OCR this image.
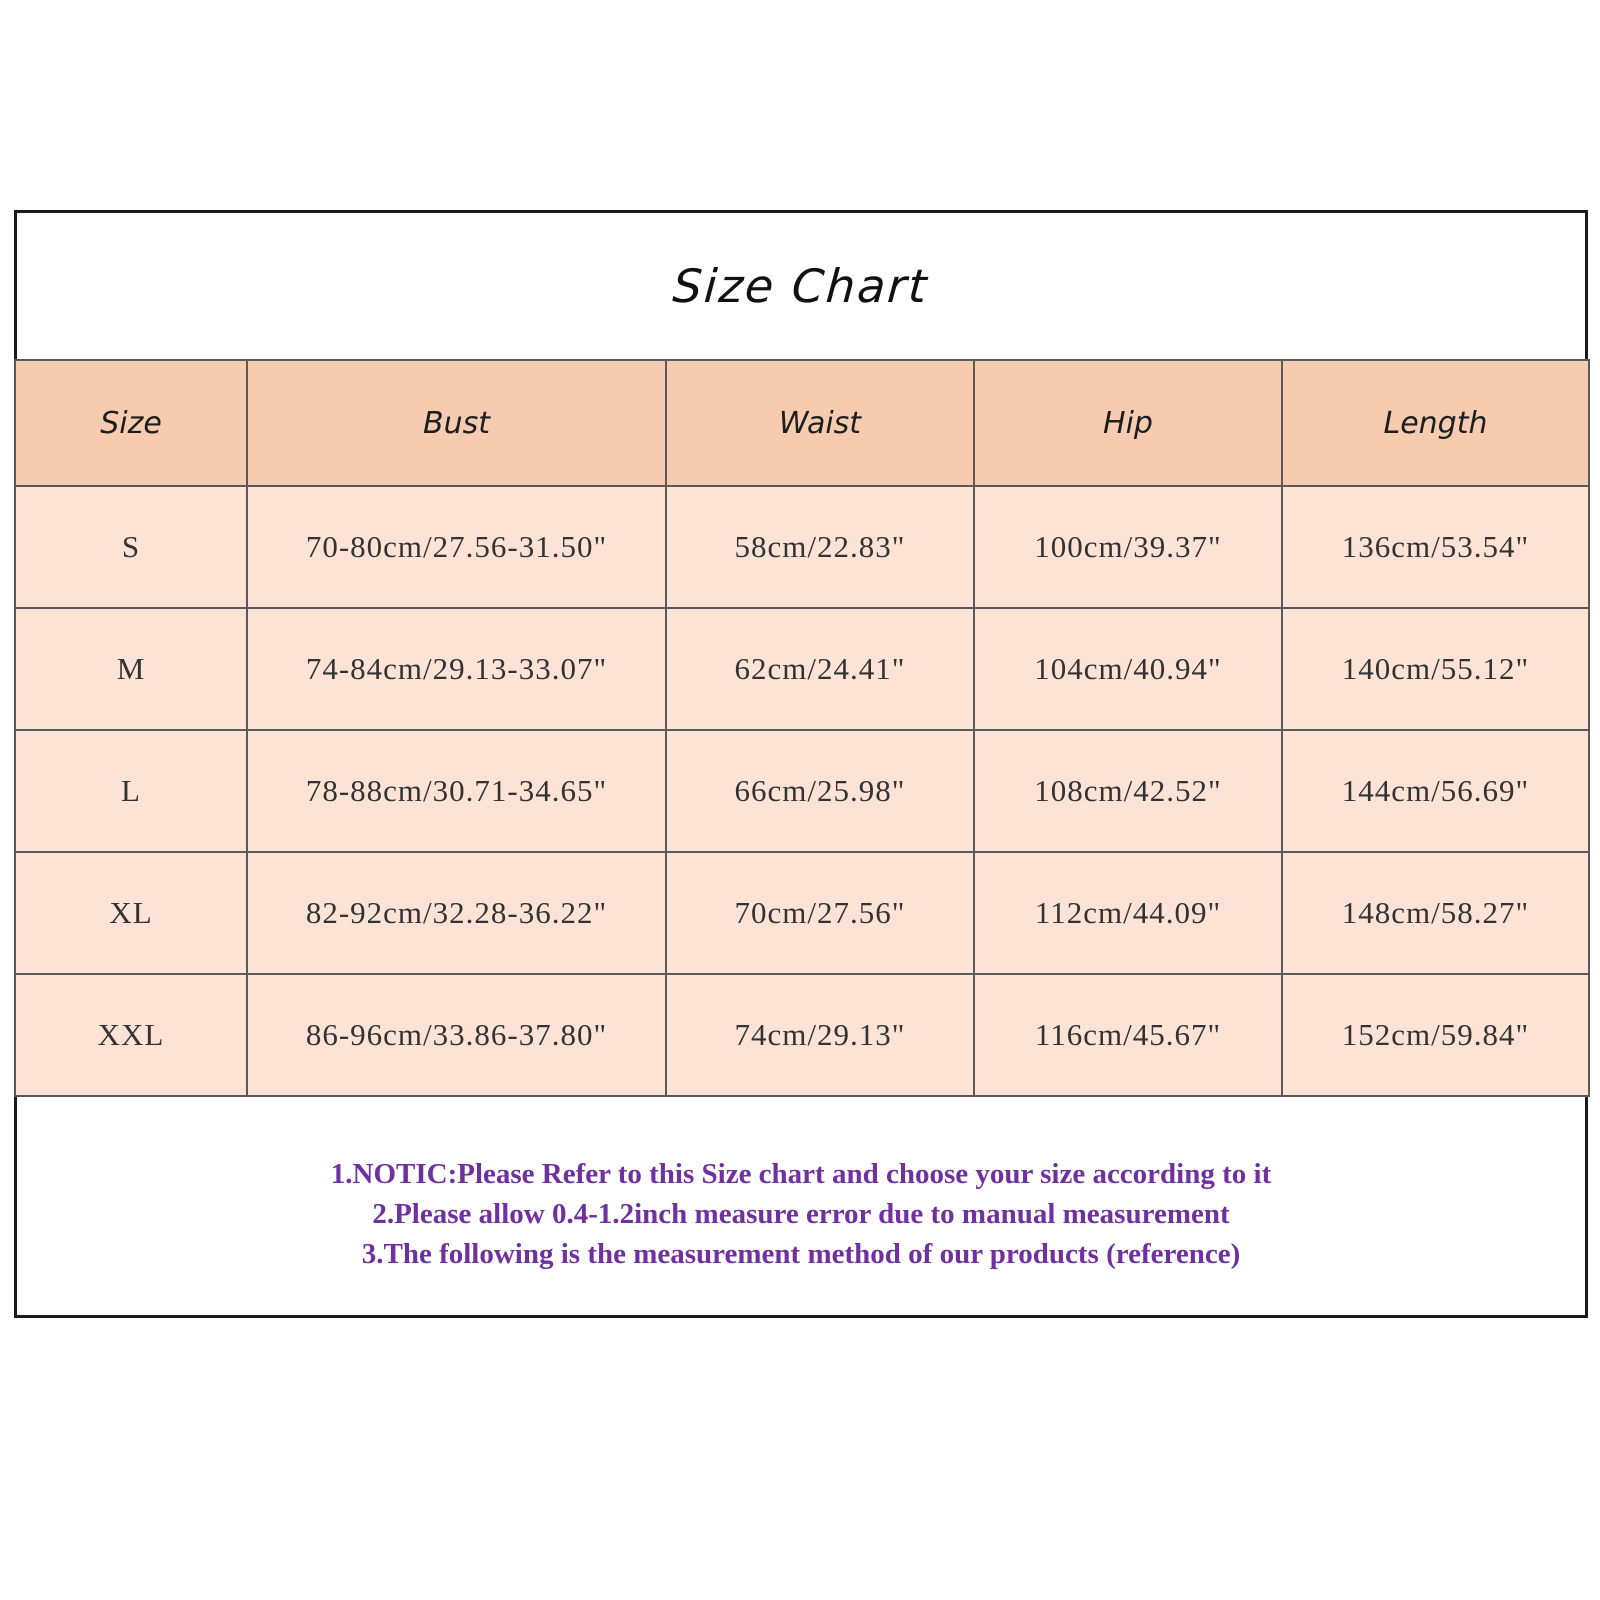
Size Chart
Size	Bust	Waist	Hip	Length
S	70-80cm/27.56-31.50"	58cm/22.83"	100cm/39.37"	136cm/53.54"
M	74-84cm/29.13-33.07"	62cm/24.41"	104cm/40.94"	140cm/55.12"
L	78-88cm/30.71-34.65"	66cm/25.98"	108cm/42.52"	144cm/56.69"
XL	82-92cm/32.28-36.22"	70cm/27.56"	112cm/44.09"	148cm/58.27"
XXL	86-96cm/33.86-37.80"	74cm/29.13"	116cm/45.67"	152cm/59.84"
1.NOTIC:Please Refer to this Size chart and choose your size according to it
2.Please allow 0.4-1.2inch measure error due to manual measurement
3.The following is the measurement method of our products (reference)
